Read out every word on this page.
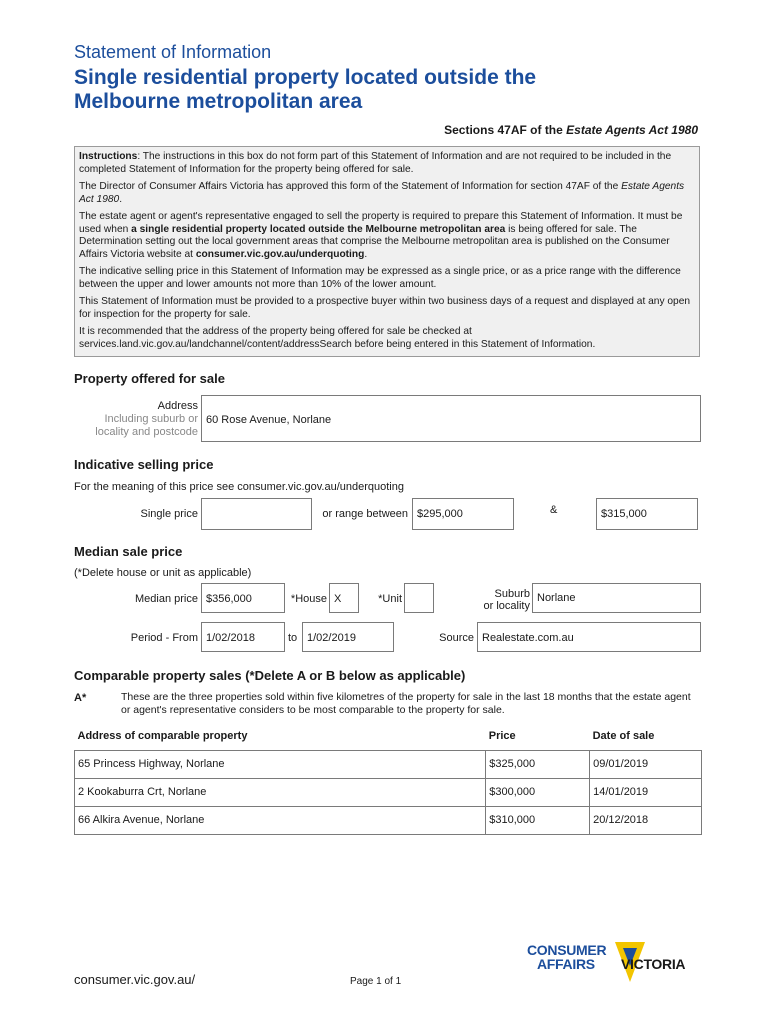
Statement of Information
Single residential property located outside the
Melbourne metropolitan area
Sections 47AF of the Estate Agents Act 1980

Instructions: The instructions in this box do not form part of this Statement of Information and are not required to be included in the completed Statement of Information for the property being offered for sale.

The Director of Consumer Affairs Victoria has approved this form of the Statement of Information for section 47AF of the Estate Agents Act 1980.

The estate agent or agent's representative engaged to sell the property is required to prepare this Statement of Information. It must be used when a single residential property located outside the Melbourne metropolitan area is being offered for sale. The Determination setting out the local government areas that comprise the Melbourne metropolitan area is published on the Consumer Affairs Victoria website at consumer.vic.gov.au/underquoting.

The indicative selling price in this Statement of Information may be expressed as a single price, or as a price range with the difference between the upper and lower amounts not more than 10% of the lower amount.

This Statement of Information must be provided to a prospective buyer within two business days of a request and displayed at any open for inspection for the property for sale.

It is recommended that the address of the property being offered for sale be checked at services.land.vic.gov.au/landchannel/content/addressSearch before being entered in this Statement of Information.

Property offered for sale
Address
Including suburb or
locality and postcode
60 Rose Avenue, Norlane
Indicative selling price
For the meaning of this price see consumer.vic.gov.au/underquoting
Single price	or range between $295,000	&	$315,000
Median sale price
(*Delete house or unit as applicable)
Median price $356,000	*House X	*Unit	Suburb
or locality
Norlane
Period - From 1/02/2018	to 1/02/2019	Source Realestate.com.au
Comparable property sales (*Delete A or B below as applicable)
A*	These are the three properties sold within five kilometres of the property for sale in the last 18 months that the estate agent or agent's representative considers to be most comparable to the property for sale.
Address of comparable property	Price	Date of sale
65 Princess Highway, Norlane	$325,000	09/01/2019
2 Kookaburra Crt, Norlane	$300,000	14/01/2019
66 Alkira Avenue, Norlane	$310,000	20/12/2018
consumer.vic.gov.au/	Page 1 of 1
CONSUMER
AFFAIRS VICTORIA
